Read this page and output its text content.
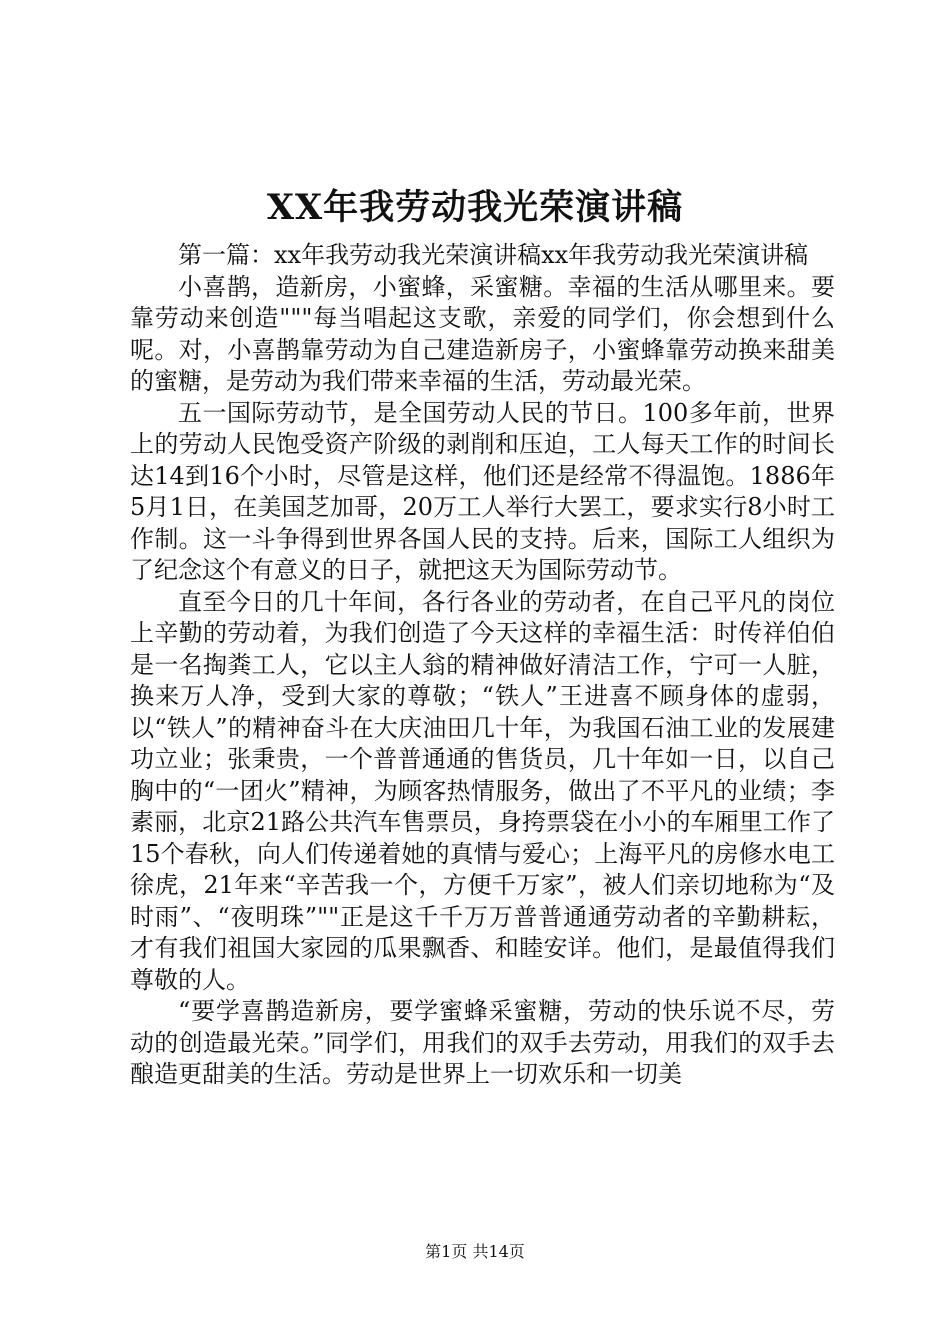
XX年我劳动我光荣演讲稿

第一篇：xx年我劳动我光荣演讲稿xx年我劳动我光荣演讲稿

小喜鹊，造新房，小蜜蜂，采蜜糖。幸福的生活从哪里来。要靠劳动来创造"""每当唱起这支歌，亲爱的同学们，你会想到什么呢。对，小喜鹊靠劳动为自己建造新房子，小蜜蜂靠劳动换来甜美的蜜糖，是劳动为我们带来幸福的生活，劳动最光荣。

五一国际劳动节，是全国劳动人民的节日。100多年前，世界上的劳动人民饱受资产阶级的剥削和压迫，工人每天工作的时间长达14到16个小时，尽管是这样，他们还是经常不得温饱。1886年5月1日，在美国芝加哥，20万工人举行大罢工，要求实行8小时工作制。这一斗争得到世界各国人民的支持。后来，国际工人组织为了纪念这个有意义的日子，就把这天为国际劳动节。

直至今日的几十年间，各行各业的劳动者，在自己平凡的岗位上辛勤的劳动着，为我们创造了今天这样的幸福生活：时传祥伯伯是一名掏粪工人，它以主人翁的精神做好清洁工作，宁可一人脏，换来万人净，受到大家的尊敬；“铁人”王进喜不顾身体的虚弱，以“铁人”的精神奋斗在大庆油田几十年，为我国石油工业的发展建功立业；张秉贵，一个普普通通的售货员，几十年如一日，以自己胸中的“一团火”精神，为顾客热情服务，做出了不平凡的业绩；李素丽，北京21路公共汽车售票员，身挎票袋在小小的车厢里工作了15个春秋，向人们传递着她的真情与爱心；上海平凡的房修水电工徐虎，21年来“辛苦我一个，方便千万家”，被人们亲切地称为“及时雨”、“夜明珠”""正是这千千万万普普通通劳动者的辛勤耕耘，才有我们祖国大家园的瓜果飘香、和睦安详。他们，是最值得我们尊敬的人。

“要学喜鹊造新房，要学蜜蜂采蜜糖，劳动的快乐说不尽，劳动的创造最光荣。”同学们，用我们的双手去劳动，用我们的双手去酿造更甜美的生活。劳动是世界上一切欢乐和一切美

第1页 共14页
